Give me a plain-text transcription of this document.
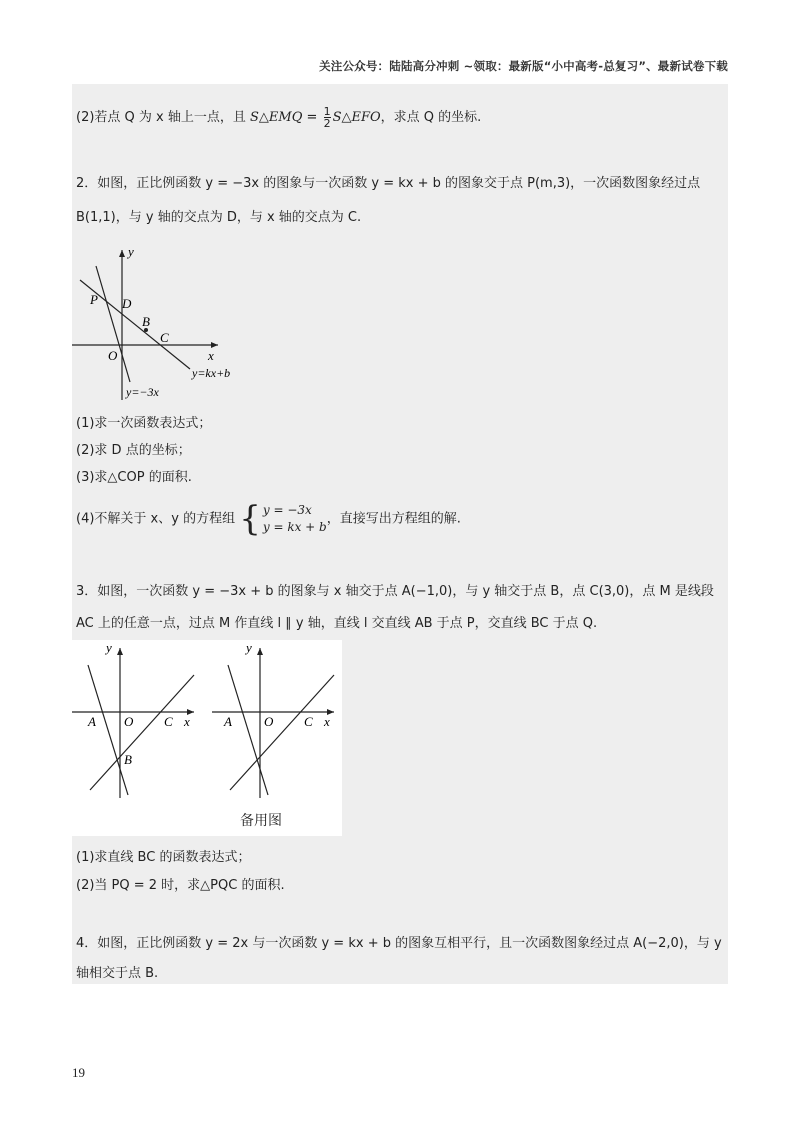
关注公众号：陆陆高分冲刺 ~领取：最新版“小中高考-总复习”、最新试卷下载
(2)若点 Q 为 x 轴上一点，且 S△EMQ = $\frac{1}{2}$ S△EFO，求点 Q 的坐标.
2．如图，正比例函数 y = −3x 的图象与一次函数 y = kx + b 的图象交于点 P(m,3)，一次函数图象经过点
B(1,1)，与 y 轴的交点为 D，与 x 轴的交点为 C.
y
x
P D
B
C
O
y=kx+b
y=−3x
(1)求一次函数表达式；
(2)求 D 点的坐标；
(3)求△COP 的面积.
(4)不解关于 x、y 的方程组 { y = −3x
y = kx + b
，直接写出方程组的解.
3．如图，一次函数 y = −3x + b 的图象与 x 轴交于点 A(−1,0)，与 y 轴交于点 B，点 C(3,0)，点 M 是线段
AC 上的任意一点，过点 M 作直线 l ∥ y 轴，直线 l 交直线 AB 于点 P，交直线 BC 于点 Q.
y
x
A O C
B
y
x
A O C
备用图
(1)求直线 BC 的函数表达式；
(2)当 PQ = 2 时，求△PQC 的面积.
4．如图，正比例函数 y = 2x 与一次函数 y = kx + b 的图象互相平行，且一次函数图象经过点 A(−2,0)，与 y
轴相交于点 B.
19
